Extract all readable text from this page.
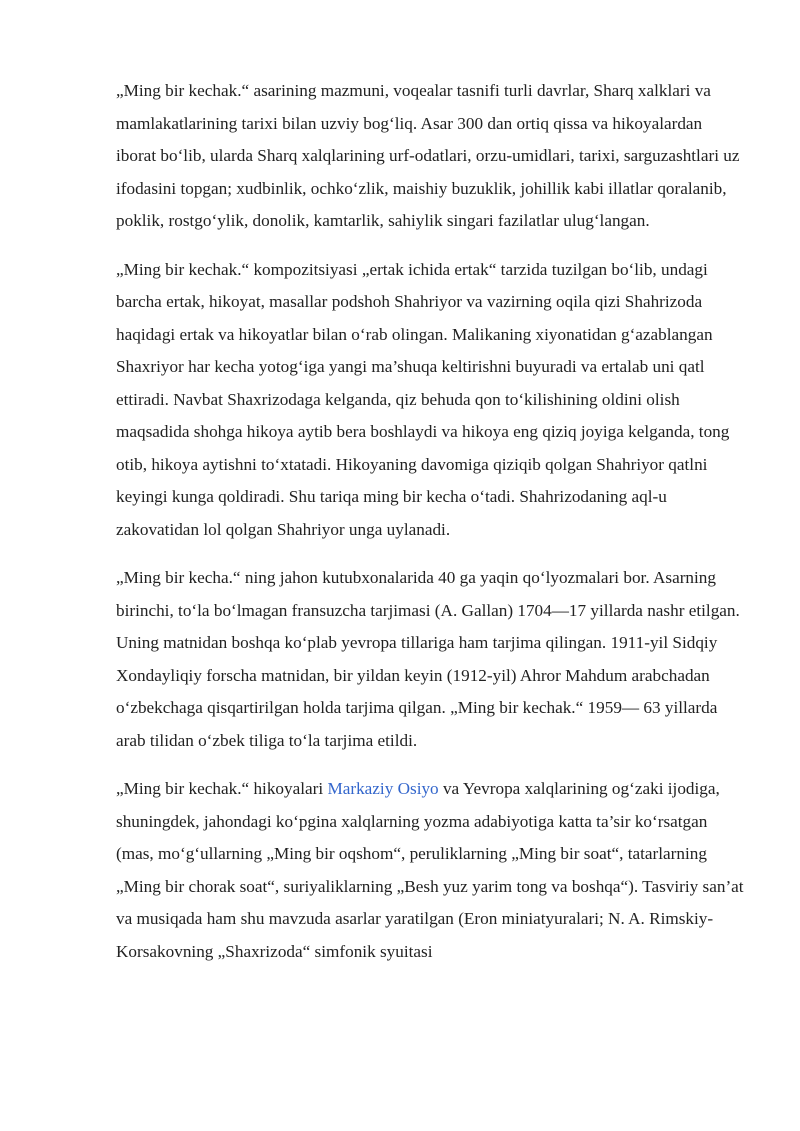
„Ming bir kechak.“ asarining mazmuni, voqealar tasnifi turli davrlar, Sharq xalklari va mamlakatlarining tarixi bilan uzviy bog‘liq. Asar 300 dan ortiq qissa va hikoyalardan iborat bo‘lib, ularda Sharq xalqlarining urf-odatlari, orzu-umidlari, tarixi, sarguzashtlari uz ifodasini topgan; xudbinlik, ochko‘zlik, maishiy buzuklik, johillik kabi illatlar qoralanib, poklik, rostgo‘ylik, donolik, kamtarlik, sahiylik singari fazilatlar ulug‘langan.

„Ming bir kechak.“ kompozitsiyasi „ertak ichida ertak“ tarzida tuzilgan bo‘lib, undagi barcha ertak, hikoyat, masallar podshoh Shahriyor va vazirning oqila qizi Shahrizoda haqidagi ertak va hikoyatlar bilan o‘rab olingan. Malikaning xiyonatidan g‘azablangan Shaxriyor har kecha yotog‘iga yangi ma’shuqa keltirishni buyuradi va ertalab uni qatl ettiradi. Navbat Shaxrizodaga kelganda, qiz behuda qon to‘kilishining oldini olish maqsadida shohga hikoya aytib bera boshlaydi va hikoya eng qiziq joyiga kelganda, tong otib, hikoya aytishni to‘xtatadi. Hikoyaning davomiga qiziqib qolgan Shahriyor qatlni keyingi kunga qoldiradi. Shu tariqa ming bir kecha o‘tadi. Shahrizodaning aql-u zakovatidan lol qolgan Shahriyor unga uylanadi.

„Ming bir kecha.“ ning jahon kutubxonalarida 40 ga yaqin qo‘lyozmalari bor. Asarning birinchi, to‘la bo‘lmagan fransuzcha tarjimasi (A. Gallan) 1704—17 yillarda nashr etilgan. Uning matnidan boshqa ko‘plab yevropa tillariga ham tarjima qilingan. 1911-yil Sidqiy Xondayliqiy forscha matnidan, bir yildan keyin (1912-yil) Ahror Mahdum arabchadan o‘zbekchaga qisqartirilgan holda tarjima qilgan. „Ming bir kechak.“ 1959— 63 yillarda arab tilidan o‘zbek tiliga to‘la tarjima etildi.

„Ming bir kechak.“ hikoyalari Markaziy Osiyo va Yevropa xalqlarining og‘zaki ijodiga, shuningdek, jahondagi ko‘pgina xalqlarning yozma adabiyotiga katta ta’sir ko‘rsatgan (mas, mo‘g‘ullarning „Ming bir oqshom“, peruliklarning „Ming bir soat“, tatarlarning „Ming bir chorak soat“, suriyaliklarning „Besh yuz yarim tong va boshqa“). Tasviriy san’at va musiqada ham shu mavzuda asarlar yaratilgan (Eron miniatyuralari; N. A. Rimskiy-Korsakovning „Shaxrizoda“ simfonik syuitasi
